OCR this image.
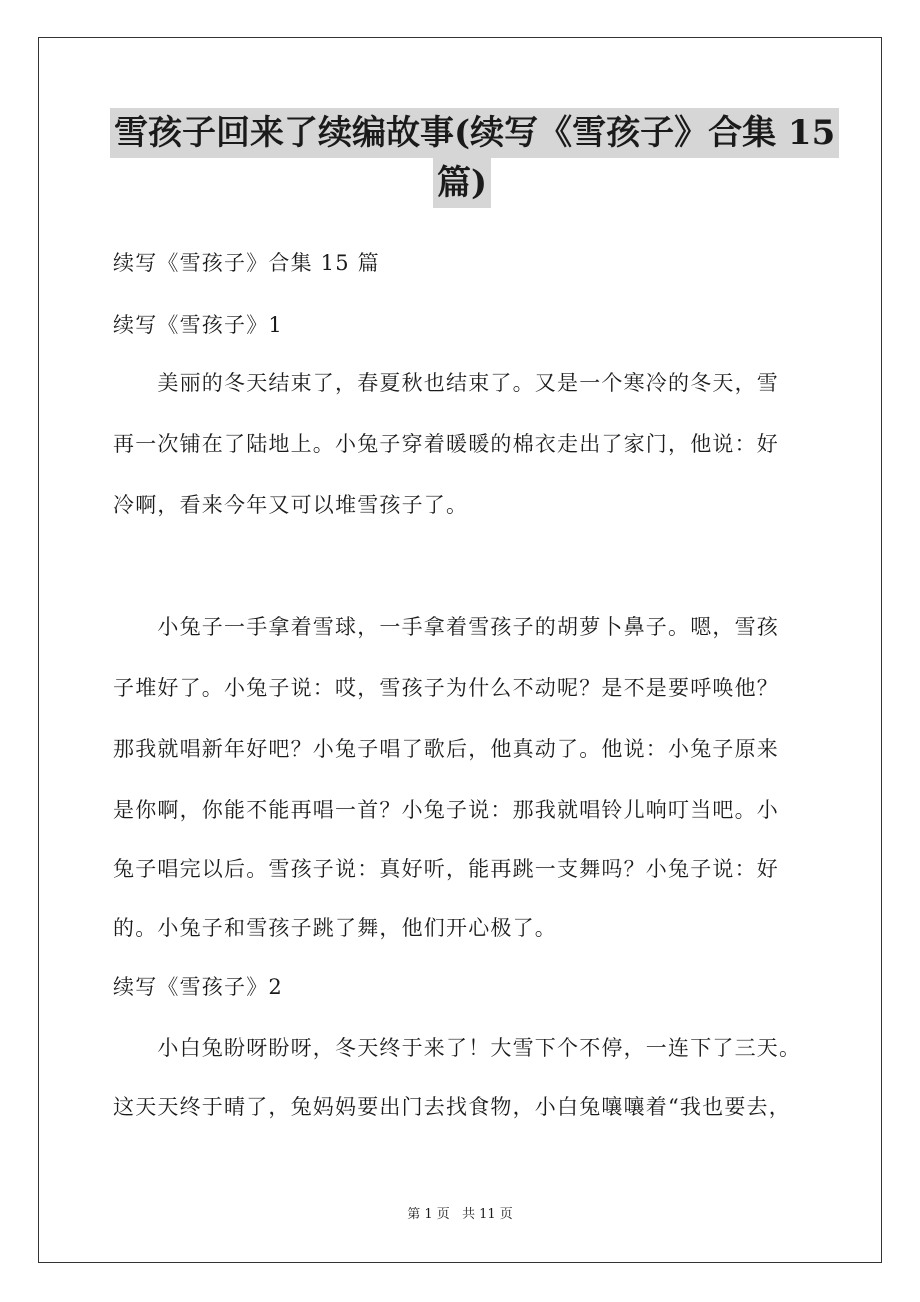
雪孩子回来了续编故事(续写《雪孩子》合集 15
篇)
续写《雪孩子》合集 15 篇
续写《雪孩子》1
　　美丽的冬天结束了，春夏秋也结束了。又是一个寒冷的冬天，雪
再一次铺在了陆地上。小兔子穿着暖暖的棉衣走出了家门，他说：好
冷啊，看来今年又可以堆雪孩子了。
　　小兔子一手拿着雪球，一手拿着雪孩子的胡萝卜鼻子。嗯，雪孩
子堆好了。小兔子说：哎，雪孩子为什么不动呢？是不是要呼唤他？
那我就唱新年好吧？小兔子唱了歌后，他真动了。他说：小兔子原来
是你啊，你能不能再唱一首？小兔子说：那我就唱铃儿响叮当吧。小
兔子唱完以后。雪孩子说：真好听，能再跳一支舞吗？小兔子说：好
的。小兔子和雪孩子跳了舞，他们开心极了。
续写《雪孩子》2
　　小白兔盼呀盼呀，冬天终于来了！大雪下个不停，一连下了三天。
这天天终于晴了，兔妈妈要出门去找食物，小白兔嚷嚷着“我也要去，
第 1 页 共 11 页
